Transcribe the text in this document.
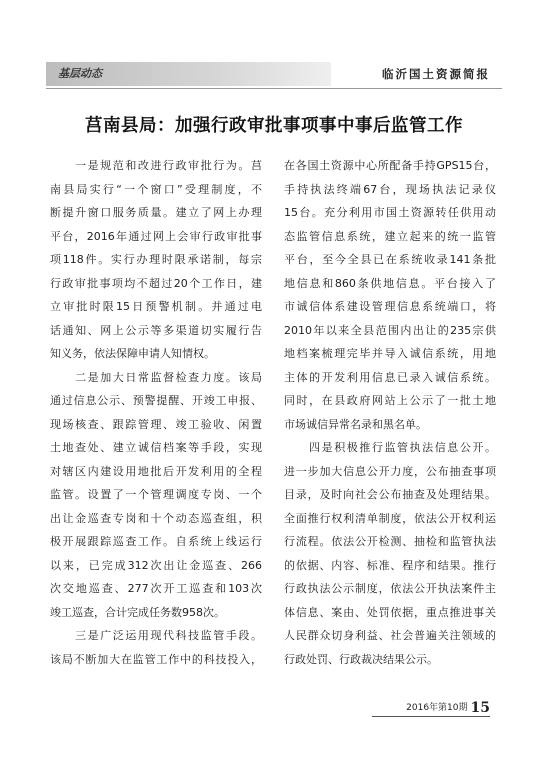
基层动态	临沂国土资源简报
莒南县局：加强行政审批事项事中事后监管工作
　　一是规范和改进行政审批行为。莒
南县局实行“一个窗口”受理制度，不
断提升窗口服务质量。建立了网上办理
平台，2016年通过网上会审行政审批事
项118件。实行办理时限承诺制，每宗
行政审批事项均不超过20个工作日，建
立审批时限15日预警机制。并通过电
话通知、网上公示等多渠道切实履行告
知义务，依法保障申请人知情权。
　　二是加大日常监督检查力度。该局
通过信息公示、预警提醒、开竣工申报、
现场核查、跟踪管理、竣工验收、闲置
土地查处、建立诚信档案等手段，实现
对辖区内建设用地批后开发利用的全程
监管。设置了一个管理调度专岗、一个
出让金巡查专岗和十个动态巡查组，积
极开展跟踪巡查工作。自系统上线运行
以来，已完成312次出让金巡查、266
次交地巡查、277次开工巡查和103次
竣工巡查，合计完成任务数958次。
　　三是广泛运用现代科技监管手段。
该局不断加大在监管工作中的科技投入，
在各国土资源中心所配备手持GPS15台，
手持执法终端67台，现场执法记录仪
15台。充分利用市国土资源转任供用动
态监管信息系统，建立起来的统一监管
平台，至今全县已在系统收录141条批
地信息和860条供地信息。平台接入了
市诚信体系建设管理信息系统端口，将
2010年以来全县范围内出让的235宗供
地档案梳理完毕并导入诚信系统，用地
主体的开发利用信息已录入诚信系统。
同时，在县政府网站上公示了一批土地
市场诚信异常名录和黑名单。
　　四是积极推行监管执法信息公开。
进一步加大信息公开力度，公布抽查事项
目录，及时向社会公布抽查及处理结果。
全面推行权利清单制度，依法公开权利运
行流程。依法公开检测、抽检和监管执法
的依据、内容、标准、程序和结果。推行
行政执法公示制度，依法公开执法案件主
体信息、案由、处罚依据，重点推进事关
人民群众切身利益、社会普遍关注领域的
行政处罚、行政裁决结果公示。
2016年第10期 15
